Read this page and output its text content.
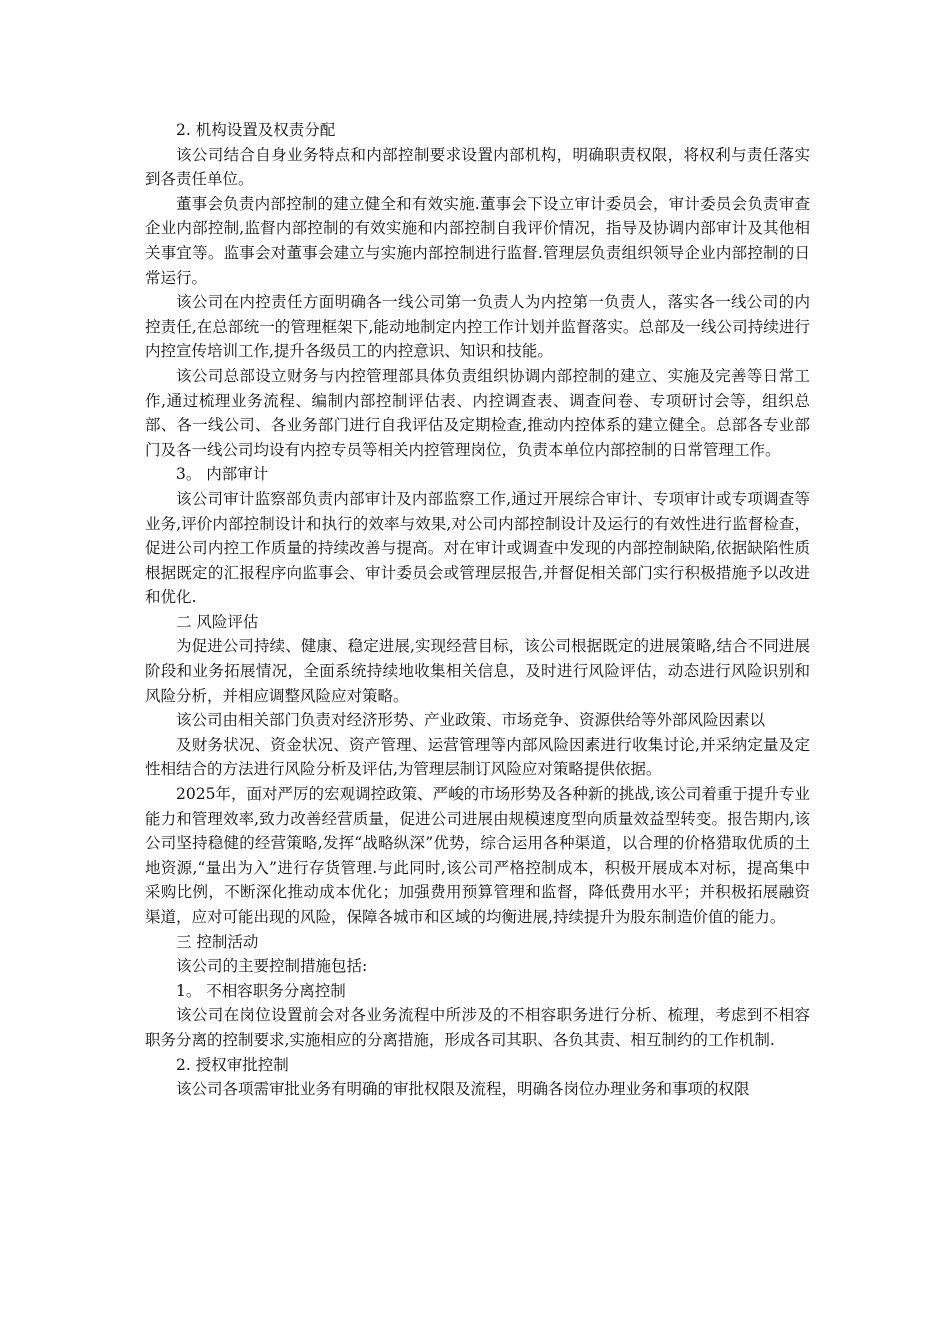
2. 机构设置及权责分配

该公司结合自身业务特点和内部控制要求设置内部机构，明确职责权限，将权利与责任落实到各责任单位。

董事会负责内部控制的建立健全和有效实施.董事会下设立审计委员会，审计委员会负责审查企业内部控制,监督内部控制的有效实施和内部控制自我评价情况，指导及协调内部审计及其他相关事宜等。监事会对董事会建立与实施内部控制进行监督.管理层负责组织领导企业内部控制的日常运行。

该公司在内控责任方面明确各一线公司第一负责人为内控第一负责人，落实各一线公司的内控责任,在总部统一的管理框架下,能动地制定内控工作计划并监督落实。总部及一线公司持续进行内控宣传培训工作,提升各级员工的内控意识、知识和技能。

该公司总部设立财务与内控管理部具体负责组织协调内部控制的建立、实施及完善等日常工作,通过梳理业务流程、编制内部控制评估表、内控调查表、调查问卷、专项研讨会等，组织总部、各一线公司、各业务部门进行自我评估及定期检查,推动内控体系的建立健全。总部各专业部门及各一线公司均设有内控专员等相关内控管理岗位，负责本单位内部控制的日常管理工作。

3。 内部审计

该公司审计监察部负责内部审计及内部监察工作,通过开展综合审计、专项审计或专项调查等业务,评价内部控制设计和执行的效率与效果,对公司内部控制设计及运行的有效性进行监督检查，促进公司内控工作质量的持续改善与提高。对在审计或调查中发现的内部控制缺陷,依据缺陷性质根据既定的汇报程序向监事会、审计委员会或管理层报告,并督促相关部门实行积极措施予以改进和优化.

二 风险评估

为促进公司持续、健康、稳定进展,实现经营目标，该公司根据既定的进展策略,结合不同进展阶段和业务拓展情况，全面系统持续地收集相关信息，及时进行风险评估，动态进行风险识别和风险分析，并相应调整风险应对策略。

该公司由相关部门负责对经济形势、产业政策、市场竞争、资源供给等外部风险因素以

及财务状况、资金状况、资产管理、运营管理等内部风险因素进行收集讨论,并采纳定量及定性相结合的方法进行风险分析及评估,为管理层制订风险应对策略提供依据。

2025年，面对严厉的宏观调控政策、严峻的市场形势及各种新的挑战,该公司着重于提升专业能力和管理效率,致力改善经营质量，促进公司进展由规模速度型向质量效益型转变。报告期内,该公司坚持稳健的经营策略,发挥“战略纵深”优势，综合运用各种渠道，以合理的价格猎取优质的土地资源,“量出为入”进行存货管理.与此同时,该公司严格控制成本，积极开展成本对标，提高集中采购比例，不断深化推动成本优化；加强费用预算管理和监督，降低费用水平；并积极拓展融资渠道，应对可能出现的风险，保障各城市和区域的均衡进展,持续提升为股东制造价值的能力。

三 控制活动

该公司的主要控制措施包括:

1。 不相容职务分离控制

该公司在岗位设置前会对各业务流程中所涉及的不相容职务进行分析、梳理，考虑到不相容职务分离的控制要求,实施相应的分离措施，形成各司其职、各负其责、相互制约的工作机制.

2. 授权审批控制

该公司各项需审批业务有明确的审批权限及流程，明确各岗位办理业务和事项的权限
